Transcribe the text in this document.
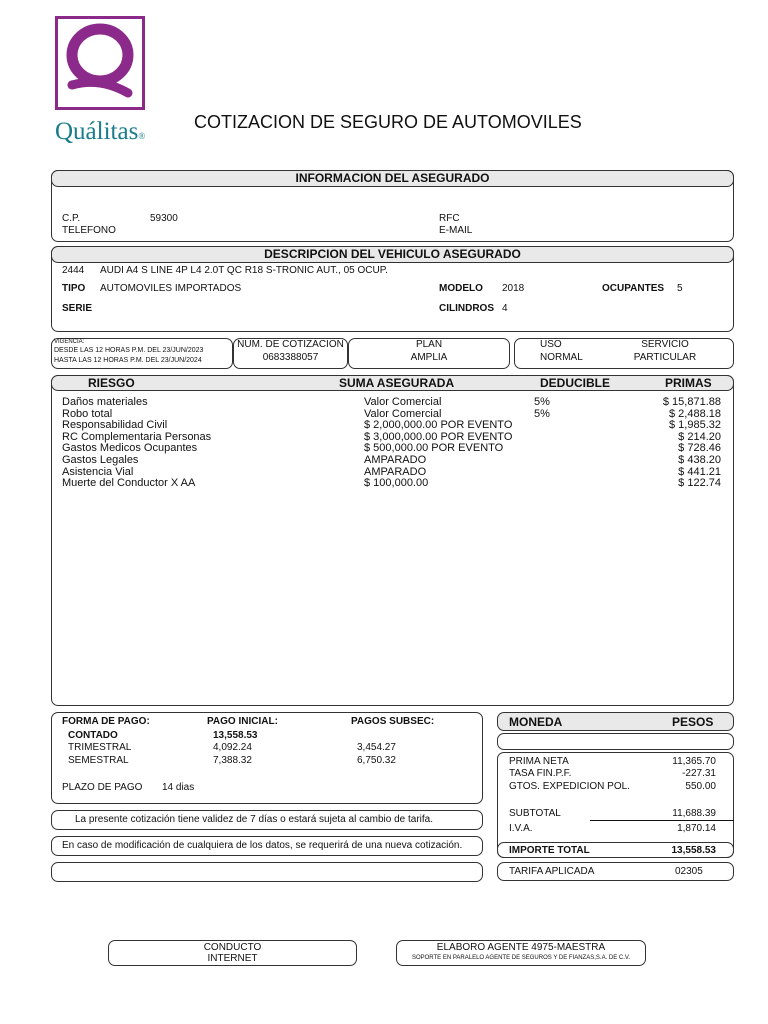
Quálitas®
COTIZACION DE SEGURO DE AUTOMOVILES
INFORMACION DEL ASEGURADO
C.P.	59300
TELEFONO
RFC
E-MAIL
DESCRIPCION DEL VEHICULO ASEGURADO
2444 AUDI A4 S LINE 4P L4 2.0T QC R18 S-TRONIC AUT., 05 OCUP.
TIPO AUTOMOVILES IMPORTADOS	MODELO 2018	OCUPANTES 5
SERIE	CILINDROS 4
VIGENCIA:
DESDE LAS 12 HORAS P.M. DEL 23/JUN/2023
HASTA LAS 12 HORAS P.M. DEL 23/JUN/2024
NUM. DE COTIZACION
0683388057
PLAN
AMPLIA
USO
NORMAL
SERVICIO
PARTICULAR
RIESGO	SUMA ASEGURADA	DEDUCIBLE	PRIMAS
Daños materiales	Valor Comercial	5%	$ 15,871.88
Robo total	Valor Comercial	5%	$ 2,488.18
Responsabilidad Civil	$ 2,000,000.00 POR EVENTO	$ 1,985.32
RC Complementaria Personas	$ 3,000,000.00 POR EVENTO	$ 214.20
Gastos Medicos Ocupantes	$ 500,000.00 POR EVENTO	$ 728.46
Gastos Legales	AMPARADO	$ 438.20
Asistencia Vial	AMPARADO	$ 441.21
Muerte del Conductor X AA	$ 100,000.00	$ 122.74
FORMA DE PAGO:	PAGO INICIAL:	PAGOS SUBSEC:
CONTADO	13,558.53
TRIMESTRAL	4,092.24	3,454.27
SEMESTRAL	7,388.32	6,750.32
PLAZO DE PAGO 14 dias
La presente cotización tiene validez de 7 días o estará sujeta al cambio de tarifa.
En caso de modificación de cualquiera de los datos, se requerirá de una nueva cotización.
MONEDA	PESOS
PRIMA NETA	11,365.70
TASA FIN.P.F.	-227.31
GTOS. EXPEDICION POL.	550.00
SUBTOTAL	11,688.39
I.V.A.	1,870.14
IMPORTE TOTAL	13,558.53
TARIFA APLICADA	02305
CONDUCTO
INTERNET
ELABORO AGENTE 4975-MAESTRA
SOPORTE EN PARALELO AGENTE DE SEGUROS Y DE FIANZAS,S.A. DE C.V.
